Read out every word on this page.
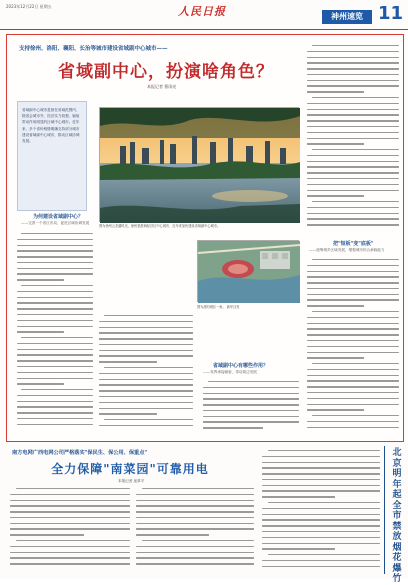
2023年12月22日 星期五	人民日报	神州速览 11
支持徐州、洛阳、襄阳、长治等城市建设省域副中心城市——
省域副中心，扮演啥角色？
本报记者 曹雨亮
省域副中心城市是指在省域范围内，除省会城市外，经济实力较强、辐射带动作用明显的区域中心城市。近年来，多个省份相继明确支持部分城市建设省域副中心城市，推动区域协调发展。
图为徐州云龙湖风光。徐州是淮海经济区中心城市，近年来加快建设省域副中心城市。
图为洛阳城区一角。 新华社发
为何建设省域副中心？
——完善一个省区布局，促进区域协调发展
省域副中心有哪些作用？
——发挥承接辐射，带动周边发展
把"短板"变"底板"
——统筹城乡区域发展，增强城市综合承载能力
南方电网广西电网公司严格落实"保民生、保公用、保重点"
全力保障"南菜园"可靠用电
本报记者 庞革平
北
京
明
年
起
全
市
禁
放
烟
花
爆
竹
